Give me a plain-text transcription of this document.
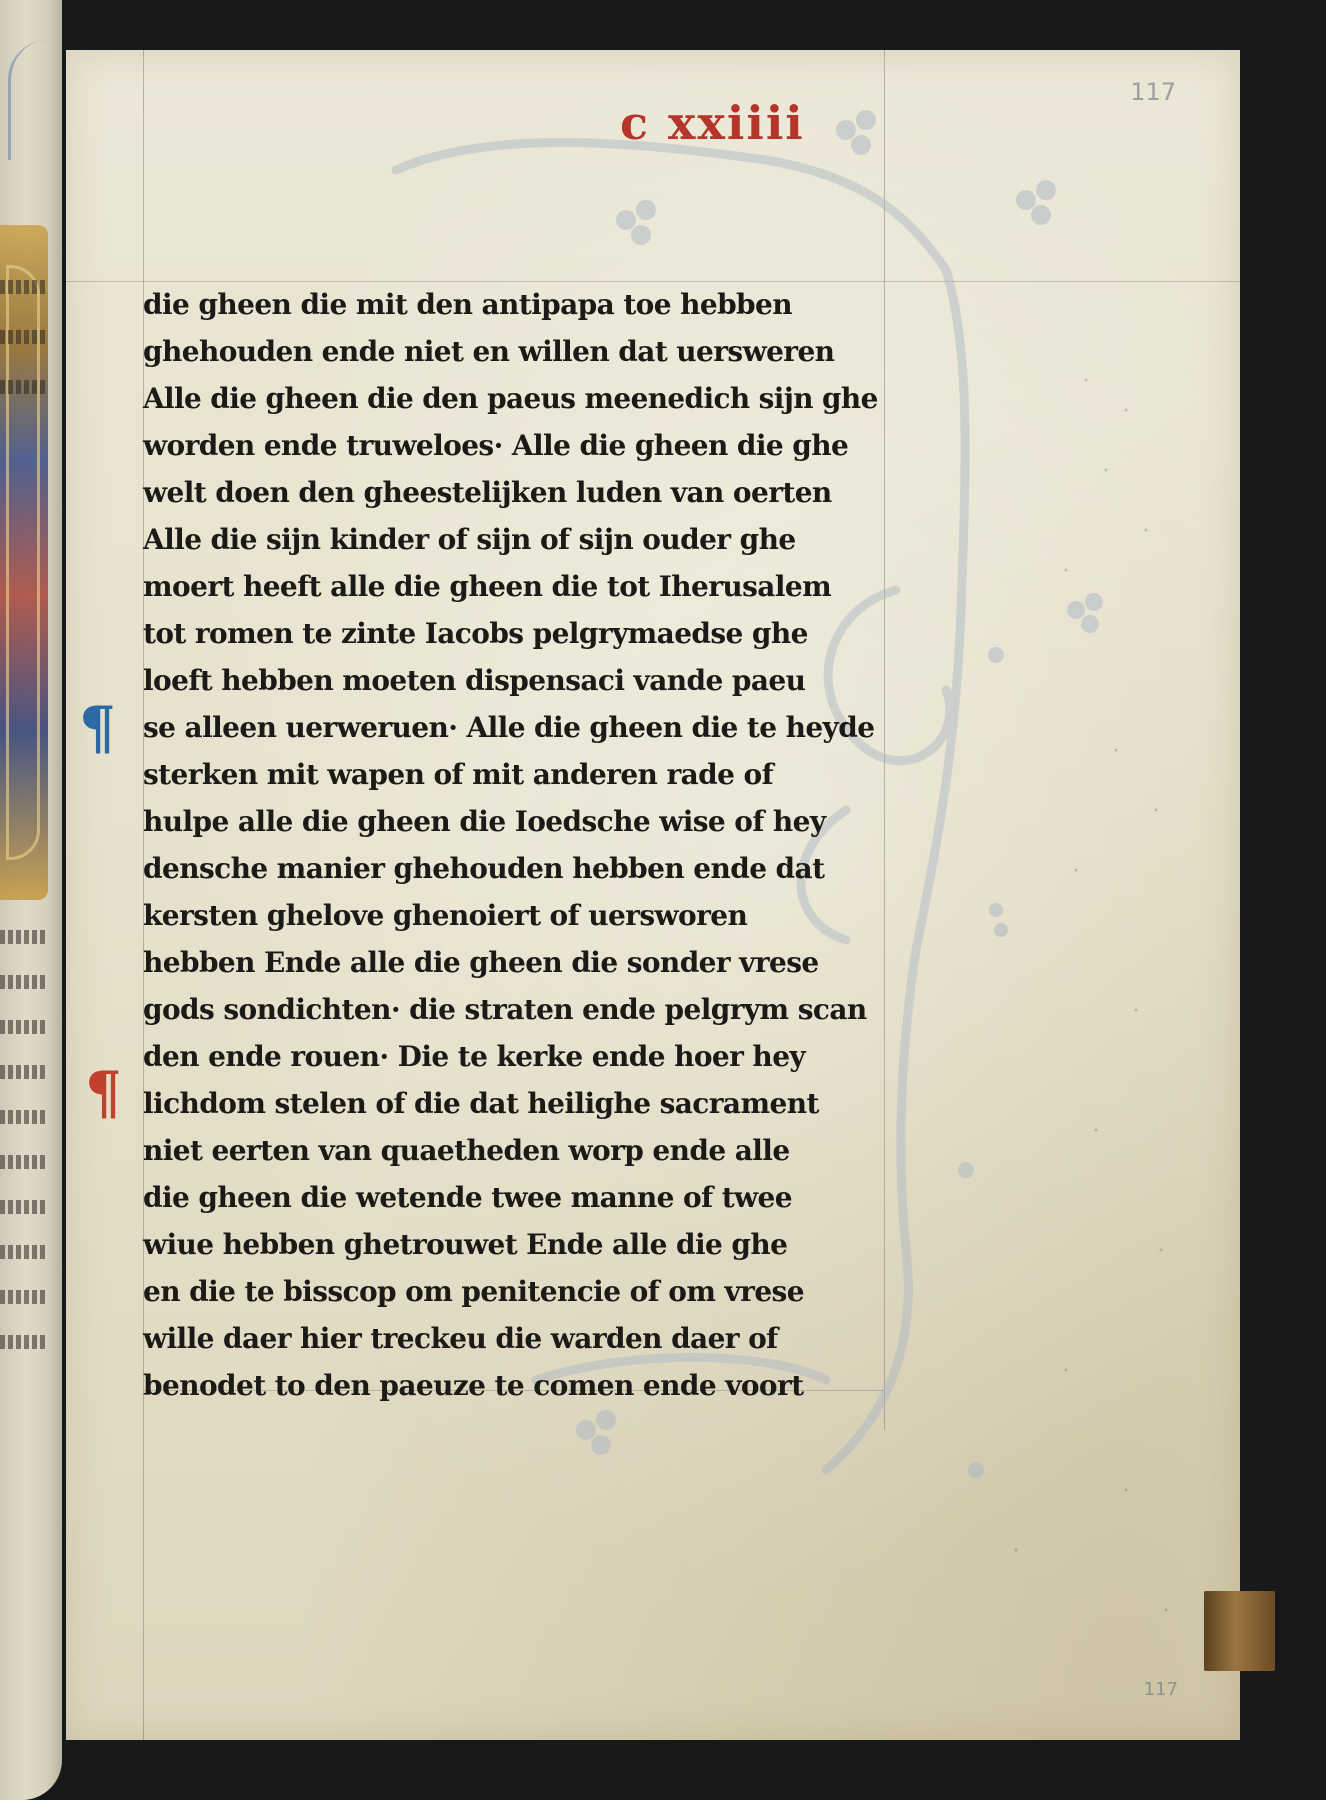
c xxiiii
117
¶
¶
die gheen die mit den antipapa toe hebben
ghehouden ende niet en willen dat uersweren
Alle die gheen die den paeus meenedich sijn ghe
worden ende truweloes· Alle die gheen die ghe
welt doen den gheestelijken luden van oerten
Alle die sijn kinder of sijn of sijn ouder ghe
moert heeft alle die gheen die tot Iherusalem
tot romen te zinte Iacobs pelgrymaedse ghe
loeft hebben moeten dispensaci vande paeu
se alleen uerweruen· Alle die gheen die te heyde
sterken mit wapen of mit anderen rade of
hulpe alle die gheen die Ioedsche wise of hey
densche manier ghehouden hebben ende dat
kersten ghelove ghenoiert of uersworen
hebben Ende alle die gheen die sonder vrese
gods sondichten· die straten ende pelgrym scan
den ende rouen· Die te kerke ende hoer hey
lichdom stelen of die dat heilighe sacrament
niet eerten van quaetheden worp ende alle
die gheen die wetende twee manne of twee
wiue hebben ghetrouwet Ende alle die ghe
en die te bisscop om penitencie of om vrese
wille daer hier treckeu die warden daer of
benodet to den paeuze te comen ende voort
117
